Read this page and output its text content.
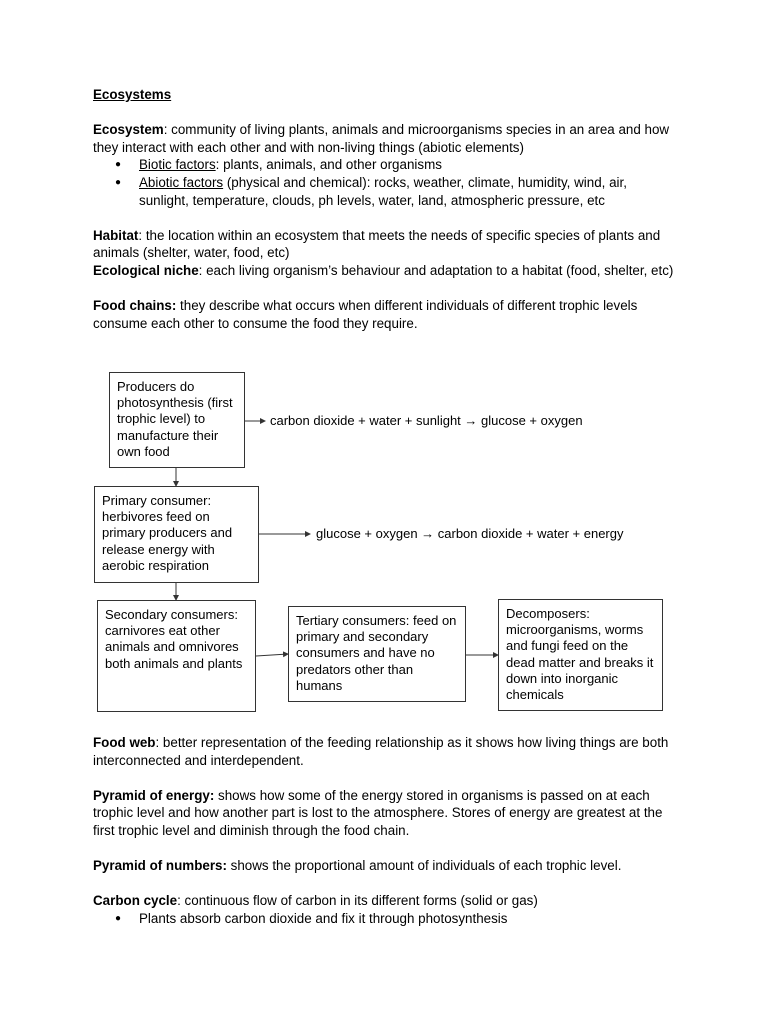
Ecosystems

Ecosystem: community of living plants, animals and microorganisms species in an area and how they interact with each other and with non-living things (abiotic elements)

● Biotic factors: plants, animals, and other organisms
● Abiotic factors (physical and chemical): rocks, weather, climate, humidity, wind, air, sunlight, temperature, clouds, ph levels, water, land, atmospheric pressure, etc

Habitat: the location within an ecosystem that meets the needs of specific species of plants and animals (shelter, water, food, etc)

Ecological niche: each living organism’s behaviour and adaptation to a habitat (food, shelter, etc)

Food chains: they describe what occurs when different individuals of different trophic levels consume each other to consume the food they require.

Producers do photosynthesis (first trophic level) to manufacture their own food
carbon dioxide + water + sunlight → glucose + oxygen
Primary consumer: herbivores feed on primary producers and release energy with aerobic respiration
glucose + oxygen → carbon dioxide + water + energy
Secondary consumers: carnivores eat other animals and omnivores both animals and plants
Tertiary consumers: feed on primary and secondary consumers and have no predators other than humans
Decomposers: microorganisms, worms and fungi feed on the dead matter and breaks it down into inorganic chemicals

Food web: better representation of the feeding relationship as it shows how living things are both interconnected and interdependent.

Pyramid of energy: shows how some of the energy stored in organisms is passed on at each trophic level and how another part is lost to the atmosphere. Stores of energy are greatest at the first trophic level and diminish through the food chain.

Pyramid of numbers: shows the proportional amount of individuals of each trophic level.

Carbon cycle: continuous flow of carbon in its different forms (solid or gas)

● Plants absorb carbon dioxide and fix it through photosynthesis
